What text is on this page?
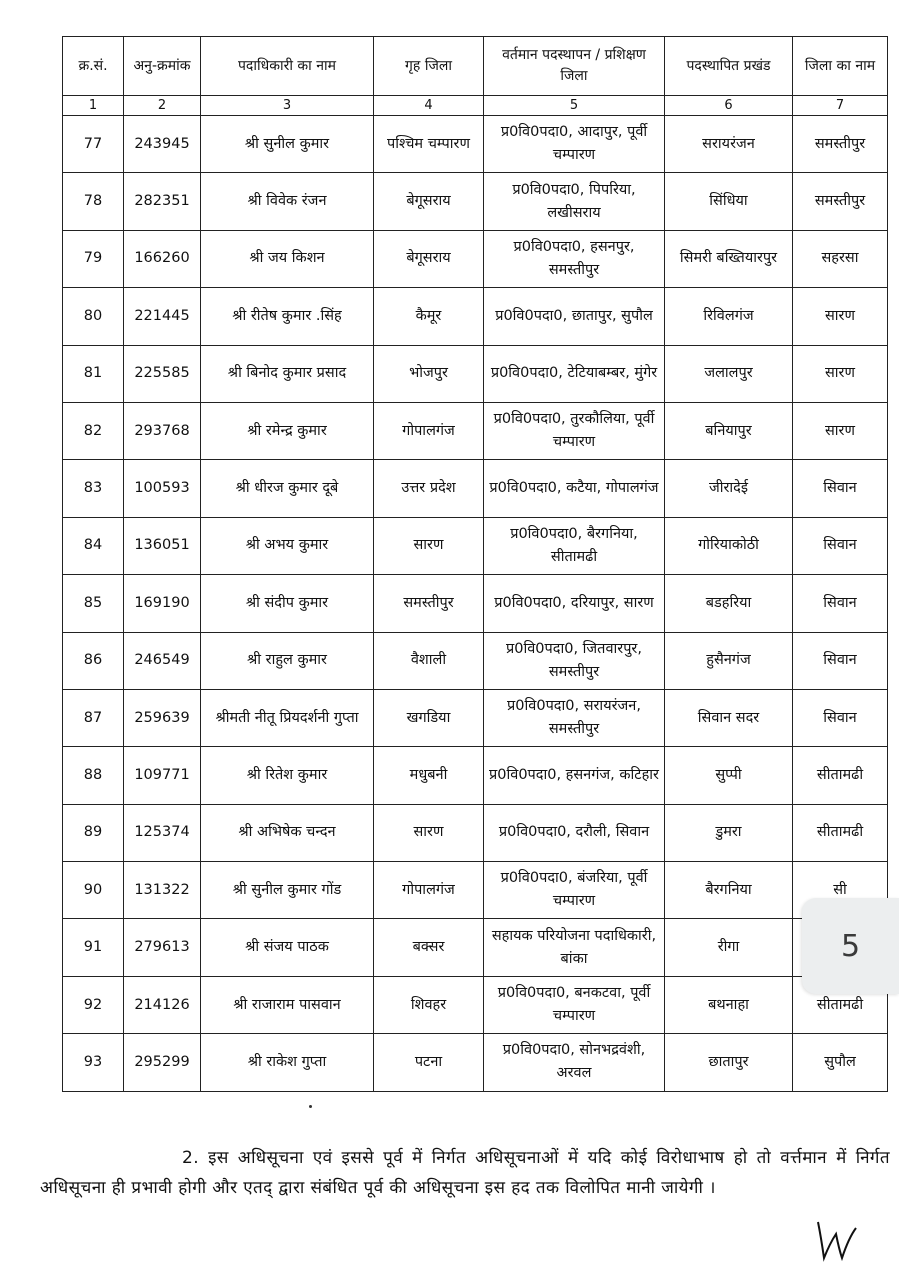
क्र.सं.	अनु-क्रमांक	पदाधिकारी का नाम	गृह जिला	वर्तमान पदस्थापन / प्रशिक्षण जिला	पदस्थापित प्रखंड	जिला का नाम
1	2	3	4	5	6	7
77	243945	श्री सुनील कुमार	पश्चिम चम्पारण	प्र0वि0पदा0, आदापुर, पूर्वी चम्पारण	सरायरंजन	समस्तीपुर
78	282351	श्री विवेक रंजन	बेगूसराय	प्र0वि0पदा0, पिपरिया, लखीसराय	सिंधिया	समस्तीपुर
79	166260	श्री जय किशन	बेगूसराय	प्र0वि0पदा0, हसनपुर, समस्तीपुर	सिमरी बख्तियारपुर	सहरसा
80	221445	श्री रीतेष कुमार .सिंह	कैमूर	प्र0वि0पदा0, छातापुर, सुपौल	रिविलगंज	सारण
81	225585	श्री बिनोद कुमार प्रसाद	भोजपुर	प्र0वि0पदा0, टेटियाबम्बर, मुंगेर	जलालपुर	सारण
82	293768	श्री रमेन्द्र कुमार	गोपालगंज	प्र0वि0पदा0, तुरकौलिया, पूर्वी चम्पारण	बनियापुर	सारण
83	100593	श्री धीरज कुमार दूबे	उत्तर प्रदेश	प्र0वि0पदा0, कटैया, गोपालगंज	जीरादेई	सिवान
84	136051	श्री अभय कुमार	सारण	प्र0वि0पदा0, बैरगनिया, सीतामढी	गोरियाकोठी	सिवान
85	169190	श्री संदीप कुमार	समस्तीपुर	प्र0वि0पदा0, दरियापुर, सारण	बडहरिया	सिवान
86	246549	श्री राहुल कुमार	वैशाली	प्र0वि0पदा0, जितवारपुर, समस्तीपुर	हुसैनगंज	सिवान
87	259639	श्रीमती नीतू प्रियदर्शनी गुप्ता	खगडिया	प्र0वि0पदा0, सरायरंजन, समस्तीपुर	सिवान सदर	सिवान
88	109771	श्री रितेश कुमार	मधुबनी	प्र0वि0पदा0, हसनगंज, कटिहार	सुप्पी	सीतामढी
89	125374	श्री अभिषेक चन्दन	सारण	प्र0वि0पदा0, दरौली, सिवान	डुमरा	सीतामढी
90	131322	श्री सुनील कुमार गोंड	गोपालगंज	प्र0वि0पदा0, बंजरिया, पूर्वी चम्पारण	बैरगनिया	सी
91	279613	श्री संजय पाठक	बक्सर	सहायक परियोजना पदाधिकारी, बांका	रीगा	
92	214126	श्री राजाराम पासवान	शिवहर	प्र0वि0पदा0, बनकटवा, पूर्वी चम्पारण	बथनाहा	सीतामढी
93	295299	श्री राकेश गुप्ता	पटना	प्र0वि0पदा0, सोनभद्रवंशी, अरवल	छातापुर	सुपौल
5

2. इस अधिसूचना एवं इससे पूर्व में निर्गत अधिसूचनाओं में यदि कोई विरोधाभाष हो तो वर्त्तमान में निर्गत अधिसूचना ही प्रभावी होगी और एतद् द्वारा संबंधित पूर्व की अधिसूचना इस हद तक विलोपित मानी जायेगी ।
